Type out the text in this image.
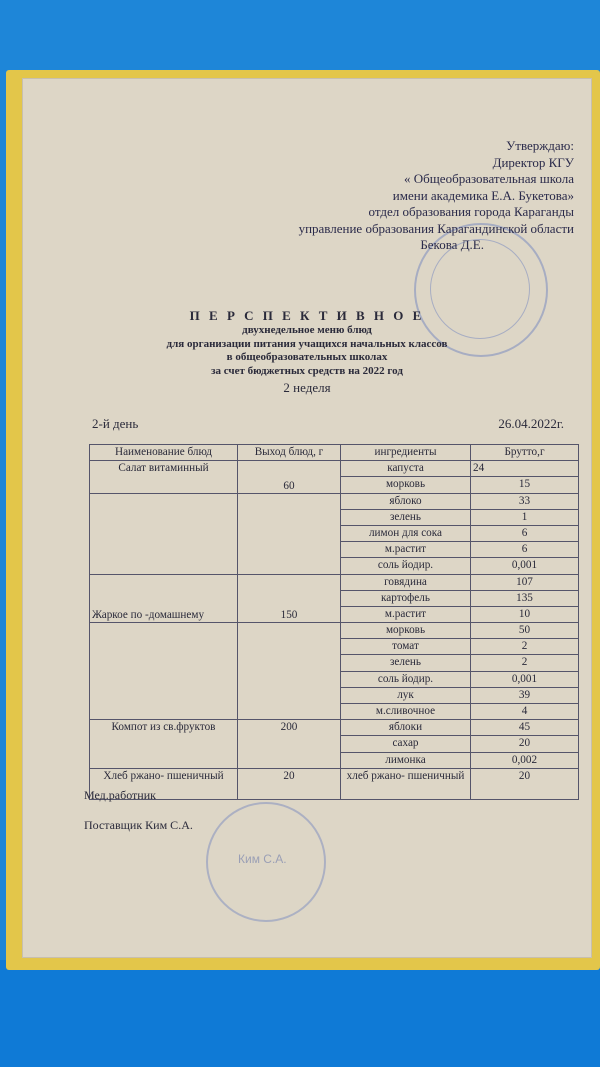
Утверждаю:
Директор КГУ
« Общеобразовательная школа
имени академика Е.А. Букетова»
отдел образования города Караганды
управление образования Карагандинской области
Бекова Д.Е.
П Е Р С П Е К Т И В Н О Е
двухнедельное меню блюд
для организации питания учащихся начальных классов
в общеобразовательных школах
за счет бюджетных средств на 2022 год
2 неделя
2-й день	26.04.2022г.
Наименование блюд	Выход блюд, г	ингредиенты	Брутто,г
Салат витаминный	60	капуста	24
		морковь	15
		яблоко	33
		зелень	1
		лимон для сока	6
		м.растит	6
		соль йодир.	0,001
Жаркое по -домашнему	150	говядина	107
		картофель	135
		м.растит	10
		морковь	50
		томат	2
		зелень	2
		соль йодир.	0,001
		лук	39
		м.сливочное	4
Компот из св.фруктов	200	яблоки	45
		сахар	20
		лимонка	0,002
Хлеб ржано- пшеничный	20	хлеб ржано- пшеничный	20
Мед.работник
Поставщик Ким С.А.
Ким С.А.
